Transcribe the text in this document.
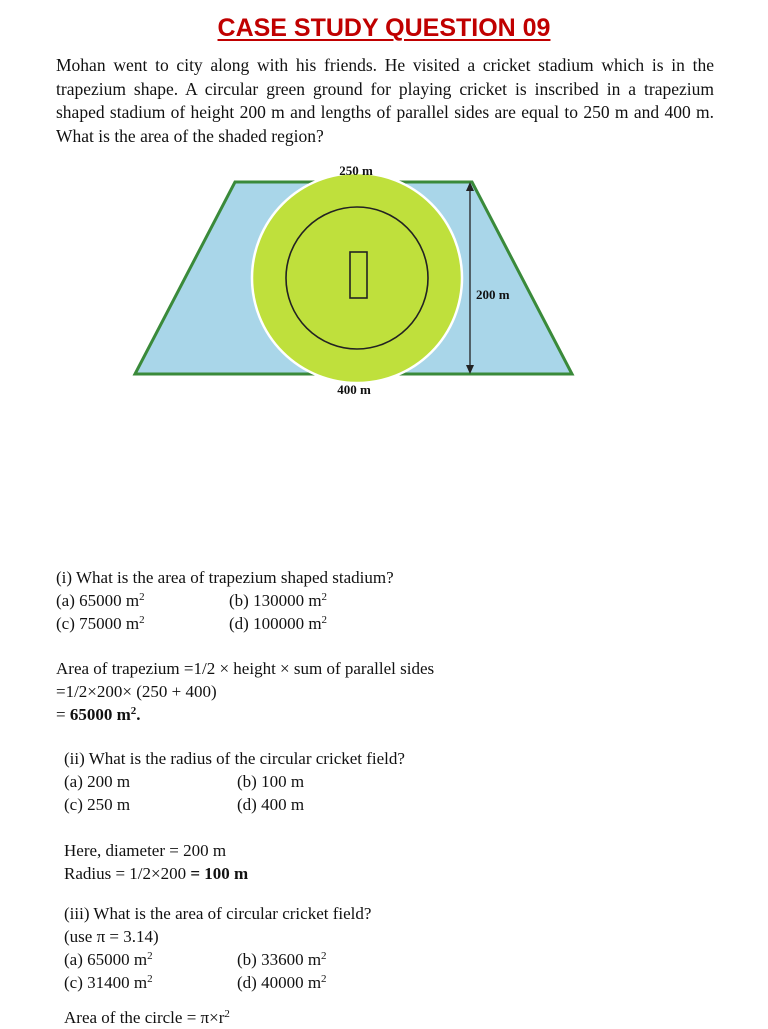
CASE STUDY QUESTION 09
Mohan went to city along with his friends. He visited a cricket stadium which is in the trapezium shape. A circular green ground for playing cricket is inscribed in a trapezium shaped stadium of height 200 m and lengths of parallel sides are equal to 250 m and 400 m. What is the area of the shaded region?
250 m
200 m
400 m
(i) What is the area of trapezium shaped stadium?
(a) 65000 $m^2$	(b) 130000 $m^2$
(c) 75000 $m^2$	(d) 100000 $m^2$
Area of trapezium =1/2 × height × sum of parallel sides
=1/2×200× (250 + 400)
= 65000 $m^2$.
(ii) What is the radius of the circular cricket field?
(a) 200 m	(b) 100 m
(c) 250 m	(d) 400 m
Here, diameter = 200 m
Radius = 1/2×200 = 100 m
(iii) What is the area of circular cricket field?
(use π = 3.14)
(a) 65000 $m^2$	(b) 33600 $m^2$
(c) 31400 $m^2$	(d) 40000 $m^2$
Area of the circle = $\pi\times r^2$
